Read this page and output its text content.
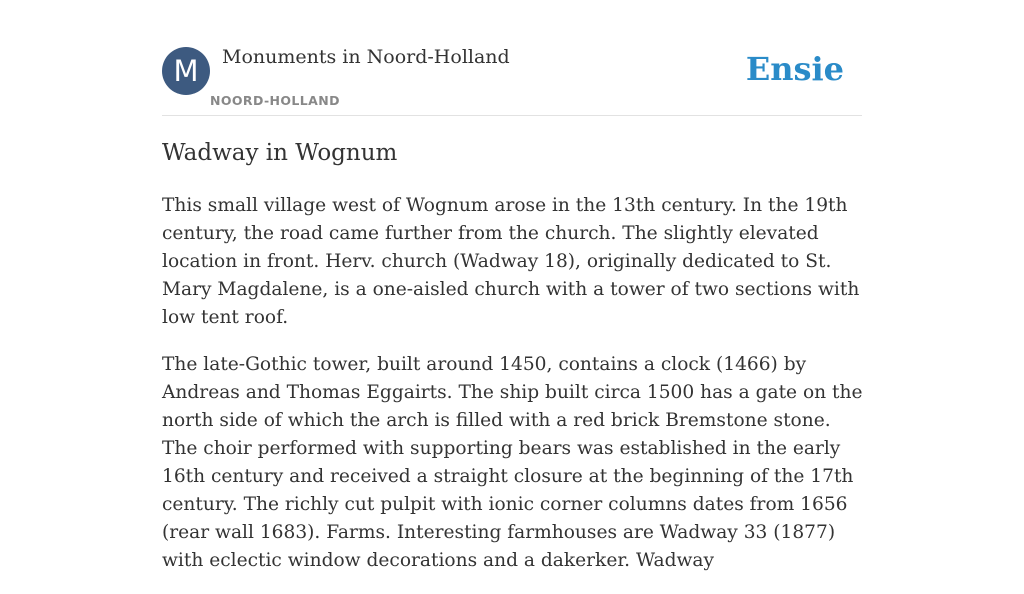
M	Monuments in Noord-Holland
NOORD-HOLLAND
Ensie
Wadway in Wognum

This small village west of Wognum arose in the 13th century. In the 19th century, the road came further from the church. The slightly elevated location in front. Herv. church (Wadway 18), originally dedicated to St. Mary Magdalene, is a one-aisled church with a tower of two sections with low tent roof.

The late-Gothic tower, built around 1450, contains a clock (1466) by Andreas and Thomas Eggairts. The ship built circa 1500 has a gate on the north side of which the arch is filled with a red brick Bremstone stone. The choir performed with supporting bears was established in the early 16th century and received a straight closure at the beginning of the 17th century. The richly cut pulpit with ionic corner columns dates from 1656 (rear wall 1683). Farms. Interesting farmhouses are Wadway 33 (1877) with eclectic window decorations and a dakerker. Wadway
